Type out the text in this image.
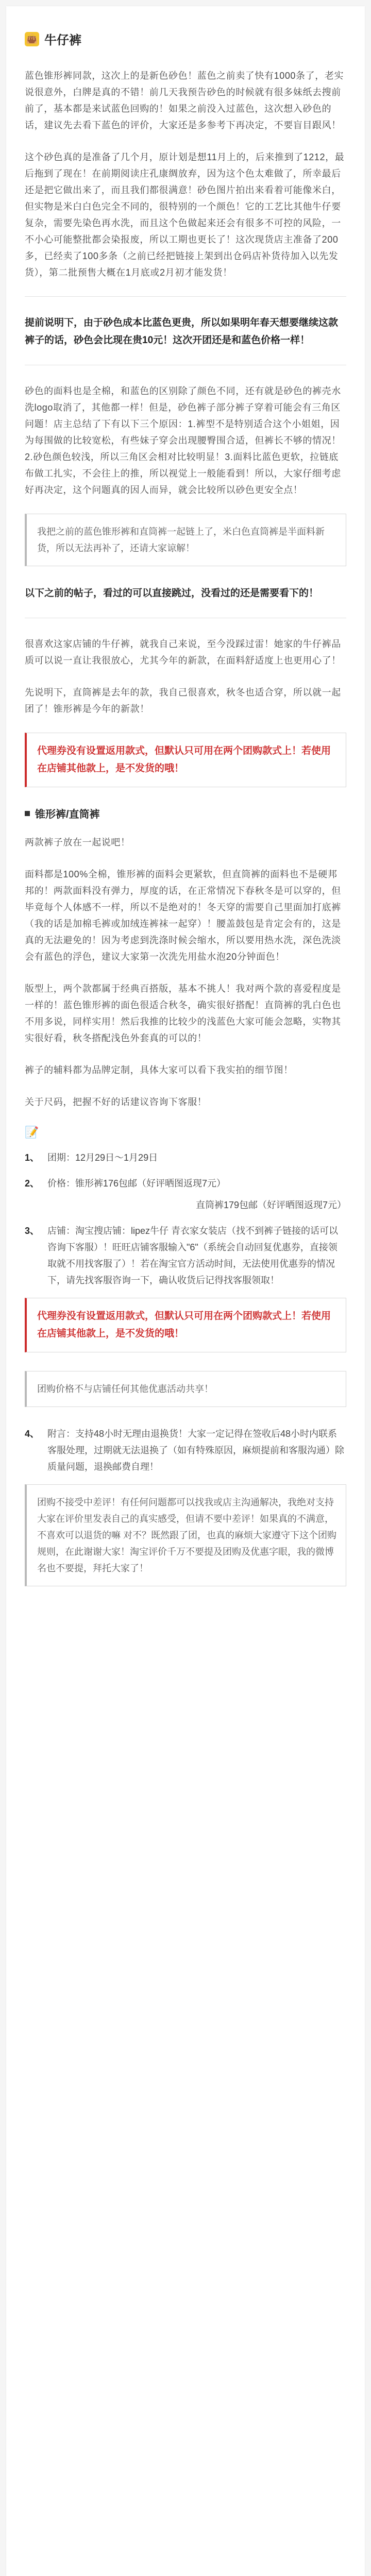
👜 牛仔裤

蓝色锥形裤同款，这次上的是新色砂色！蓝色之前卖了快有1000条了，老实说很意外，白牌是真的不错！前几天我预告砂色的时候就有很多妹纸去搜前前了，基本都是来试蓝色回购的！如果之前没入过蓝色，这次想入砂色的话，建议先去看下蓝色的评价，大家还是多参考下再决定，不要盲目跟风！

这个砂色真的是准备了几个月，原计划是想11月上的，后来推到了1212，最后拖到了现在！在前期阅读庄孔康绸放弃，因为这个色太难做了，所幸最后还是把它做出来了，而且我们都很满意！砂色图片拍出来看着可能像米白，但实物是米白白色完全不同的，很特别的一个颜色！它的工艺比其他牛仔要复杂，需要先染色再水洗，而且这个色做起来还会有很多不可控的风险，一不小心可能整批都会染报废，所以工期也更长了！这次现货店主准备了200多，已经卖了100多条（之前已经把链接上架到出仓码店补货待加入以先发货），第二批预售大概在1月底或2月初才能发货！

提前说明下，由于砂色成本比蓝色更贵，所以如果明年春天想要继续这款裤子的话，砂色会比现在贵10元！这次开团还是和蓝色价格一样！

砂色的面料也是全棉，和蓝色的区别除了颜色不同，还有就是砂色的裤壳水洗logo取消了，其他都一样！但是，砂色裤子部分裤子穿着可能会有三角区问题！店主总结了下有以下三个原因：1.裤型不是特别适合这个小姐姐，因为每围做的比较宽松，有些妹子穿会出现腰臀围合适，但裤长不够的情况！2.砂色颜色较浅，所以三角区会相对比较明显！3.面料比蓝色更软，拉链底布做工扎实，不会往上的推，所以视觉上一般能看到！所以，大家仔细考虑好再决定，这个问题真的因人而异，就会比较所以砂色更安全点！

我把之前的蓝色锥形裤和直筒裤一起链上了，米白色直筒裤是半面料新货，所以无法再补了，还请大家谅解！

以下之前的帖子，看过的可以直接跳过，没看过的还是需要看下的！

很喜欢这家店铺的牛仔裤，就我自己来说，至今没踩过雷！她家的牛仔裤品质可以说一直让我很放心，尤其今年的新款，在面料舒适度上也更用心了！

先说明下，直筒裤是去年的款，我自己很喜欢，秋冬也适合穿，所以就一起团了！锥形裤是今年的新款！

代理券没有设置返用款式，但默认只可用在两个团购款式上！若使用在店铺其他款上，是不发货的哦！
锥形裤/直筒裤

两款裤子放在一起说吧！

面料都是100%全棉，锥形裤的面料会更紧软，但直筒裤的面料也不是硬邦邦的！两款面料没有弹力，厚度的话，在正常情况下春秋冬是可以穿的，但毕竟每个人体感不一样，所以不是绝对的！冬天穿的需要自己里面加打底裤（我的话是加棉毛裤或加绒连裤袜一起穿）！腰盖鼓包是肯定会有的，这是真的无法避免的！因为考虑到洗涤时候会缩水，所以要用热水洗，深色洗淡会有蓝色的浮色，建议大家第一次洗先用盐水泡20分钟面色！

版型上，两个款都属于经典百搭版，基本不挑人！我对两个款的喜爱程度是一样的！蓝色锥形裤的面色很适合秋冬，确实很好搭配！直筒裤的乳白色也不用多说，同样实用！然后我推的比较少的浅蓝色大家可能会忽略，实物其实很好看，秋冬搭配浅色外套真的可以的！

裤子的辅料都为品牌定制，具体大家可以看下我实拍的细节图！

关于尺码，把握不好的话建议咨询下客服！

📝
1、 团期：12月29日～1月29日
2、 价格：锥形裤176包邮（好评晒图返现7元）
直筒裤179包邮（好评晒图返现7元）
3、 店铺：淘宝搜店铺：lipez牛仔 青衣家女装店（找不到裤子链接的话可以咨询下客服）！旺旺店铺客服输入"6"（系统会自动回复优惠券，直接领取就不用找客服了）！若在淘宝官方活动时间，无法使用优惠券的情况下，请先找客服咨询一下，确认收货后记得找客服领取！
代理券没有设置返用款式，但默认只可用在两个团购款式上！若使用在店铺其他款上，是不发货的哦！
团购价格不与店铺任何其他优惠活动共享！
4、 附言：支持48小时无理由退换货！大家一定记得在签收后48小时内联系客服处理，过期就无法退换了（如有特殊原因，麻烦提前和客服沟通）除质量问题，退换邮费自理！
团购不接受中差评！有任何问题都可以找我或店主沟通解决，我绝对支持大家在评价里发表自己的真实感受，但请不要中差评！如果真的不满意，不喜欢可以退货的嘛 对不？既然跟了团，也真的麻烦大家遵守下这个团购规则，在此谢谢大家！淘宝评价千万不要提及团购及优惠字眼，我的微博名也不要提，拜托大家了！
